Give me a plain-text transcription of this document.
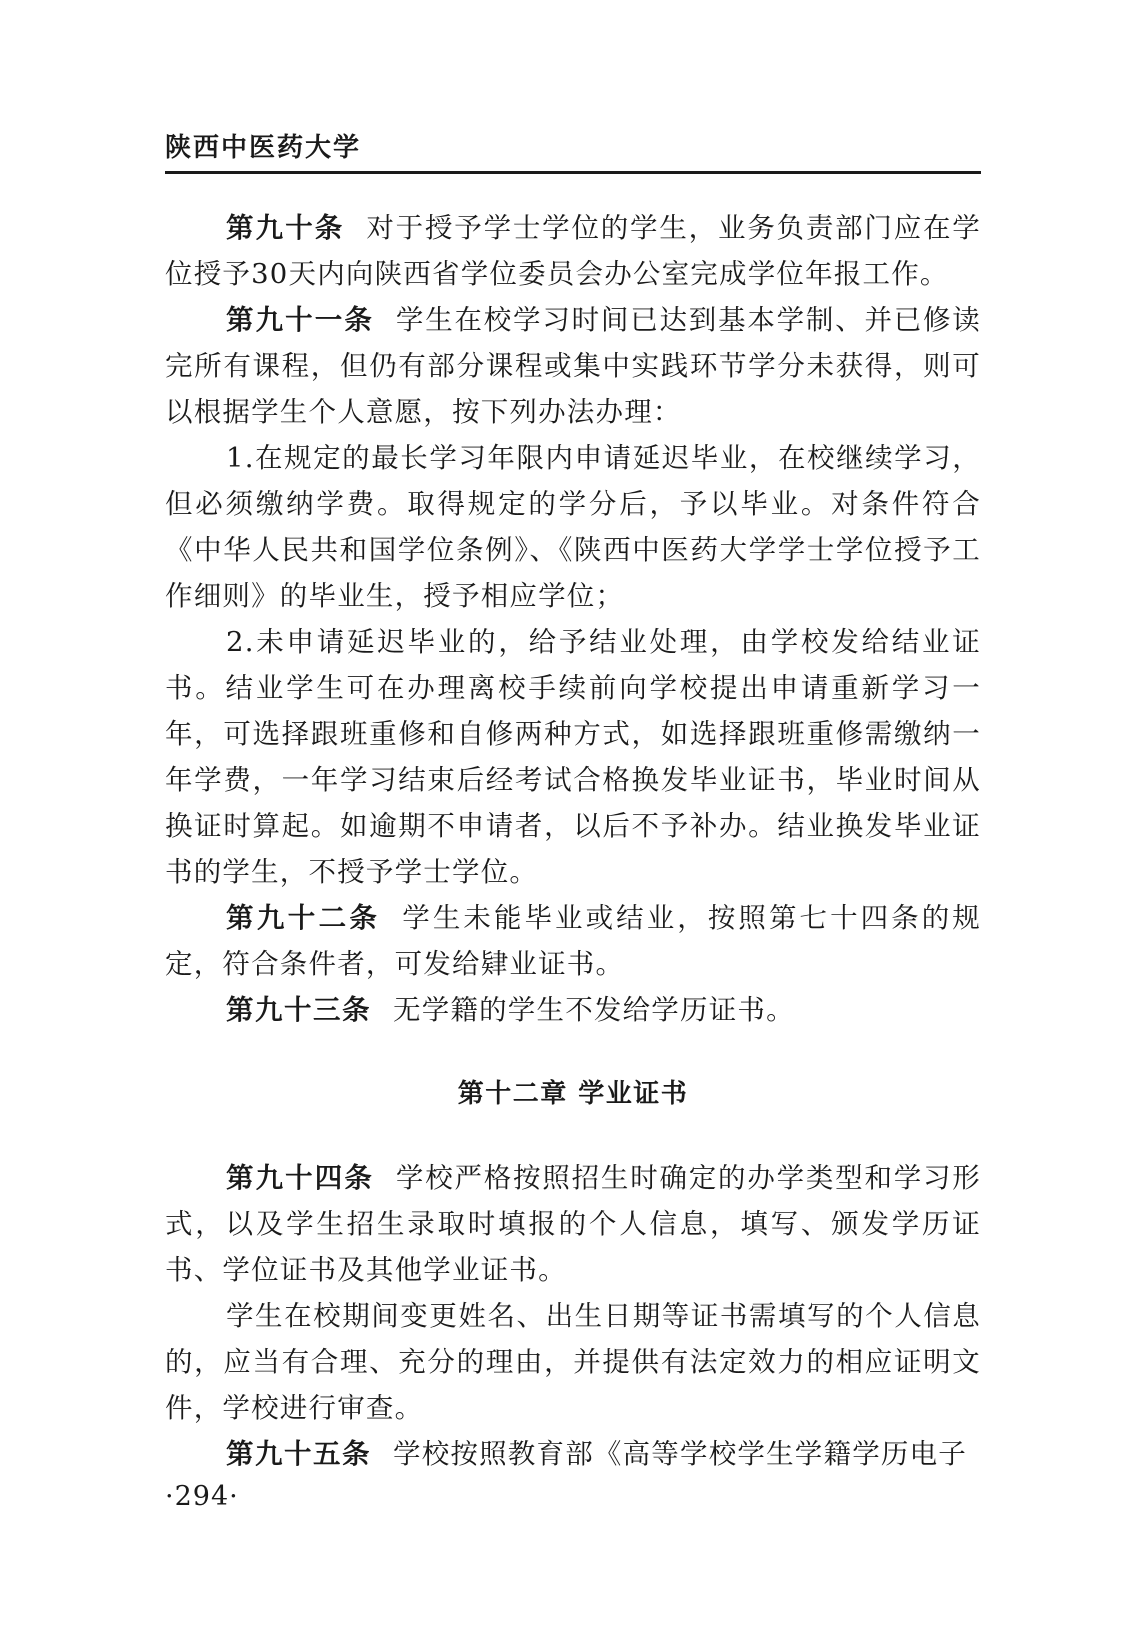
陕西中医药大学

第九十条 对于授予学士学位的学生，业务负责部门应在学位授予30天内向陕西省学位委员会办公室完成学位年报工作。

第九十一条 学生在校学习时间已达到基本学制、并已修读完所有课程，但仍有部分课程或集中实践环节学分未获得，则可以根据学生个人意愿，按下列办法办理：

1.在规定的最长学习年限内申请延迟毕业，在校继续学习，但必须缴纳学费。取得规定的学分后，予以毕业。对条件符合《中华人民共和国学位条例》、《陕西中医药大学学士学位授予工作细则》的毕业生，授予相应学位；

2.未申请延迟毕业的，给予结业处理，由学校发给结业证书。结业学生可在办理离校手续前向学校提出申请重新学习一年，可选择跟班重修和自修两种方式，如选择跟班重修需缴纳一年学费，一年学习结束后经考试合格换发毕业证书，毕业时间从换证时算起。如逾期不申请者，以后不予补办。结业换发毕业证书的学生，不授予学士学位。

第九十二条 学生未能毕业或结业，按照第七十四条的规定，符合条件者，可发给肄业证书。

第九十三条 无学籍的学生不发给学历证书。

第十二章 学业证书

第九十四条 学校严格按照招生时确定的办学类型和学习形式，以及学生招生录取时填报的个人信息，填写、颁发学历证书、学位证书及其他学业证书。

学生在校期间变更姓名、出生日期等证书需填写的个人信息的，应当有合理、充分的理由，并提供有法定效力的相应证明文件，学校进行审查。

第九十五条 学校按照教育部《高等学校学生学籍学历电子

·294·
